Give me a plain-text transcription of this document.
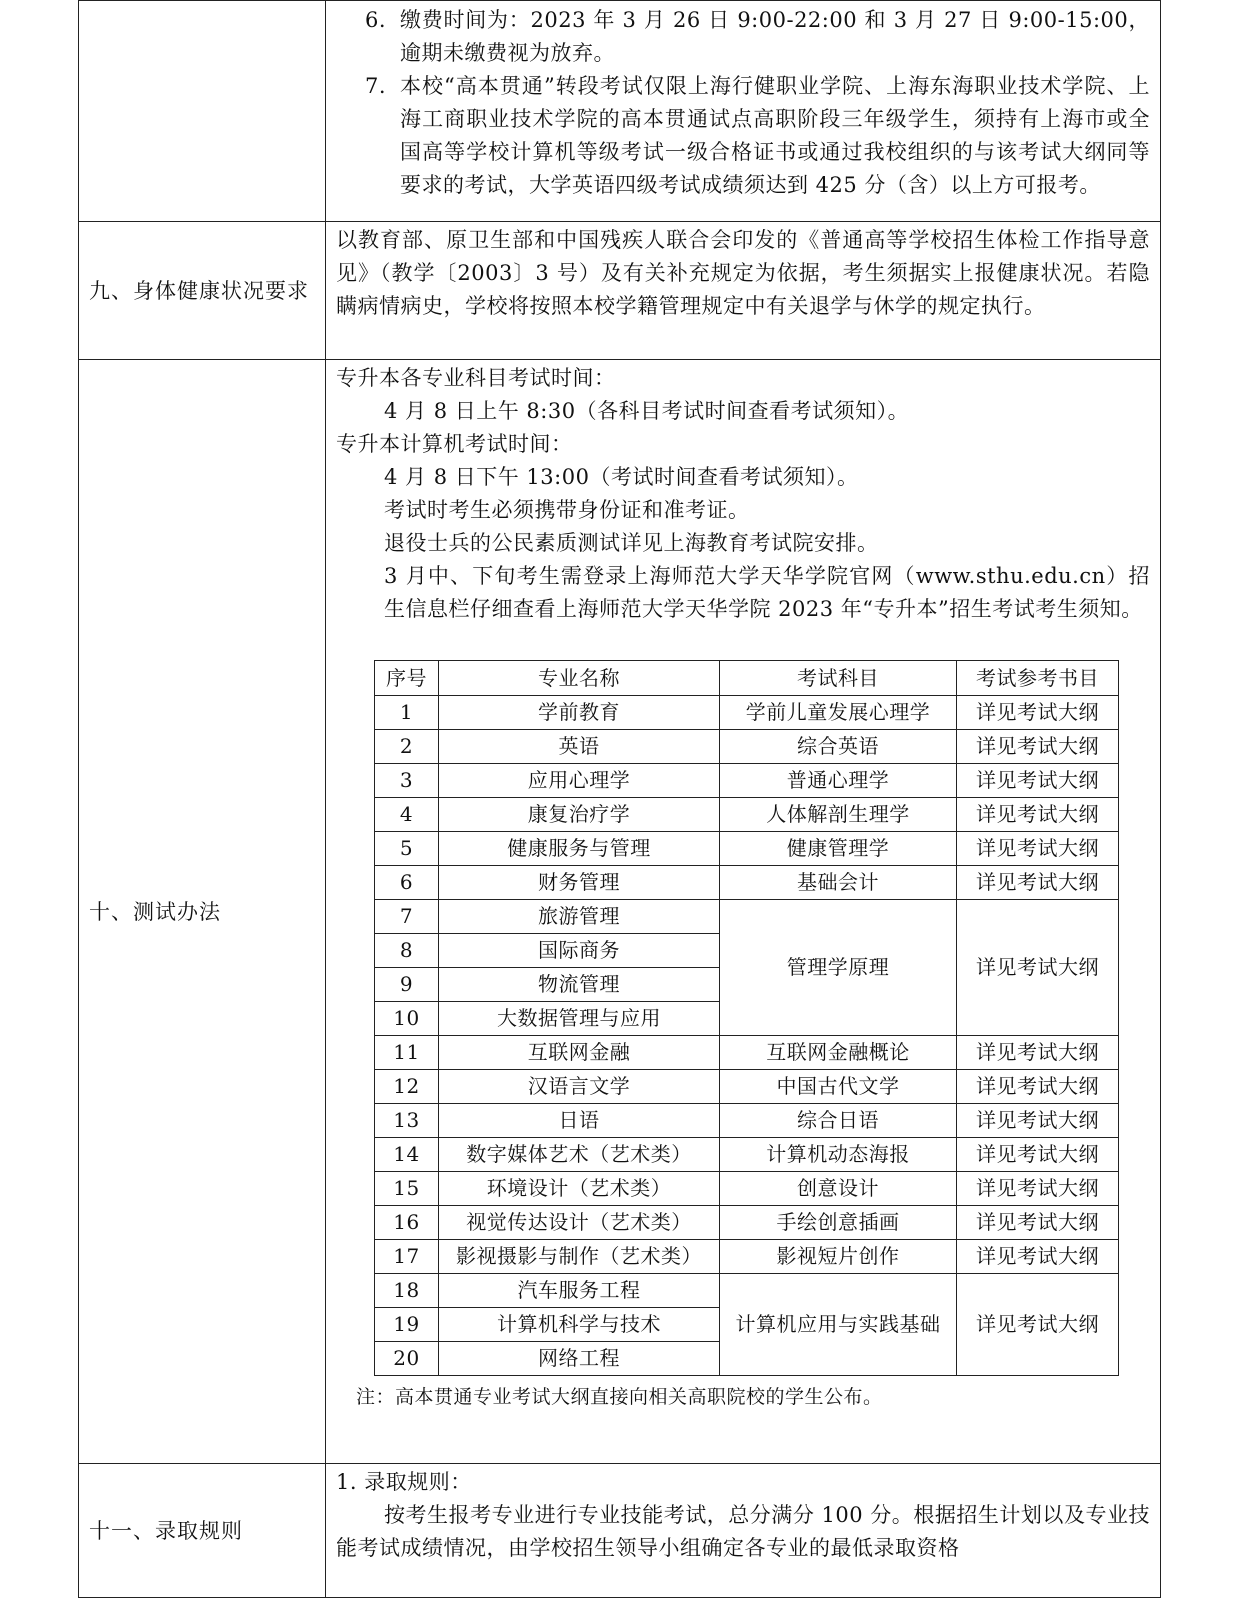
6. 缴费时间为：2023 年 3 月 26 日 9:00-22:00 和 3 月 27 日 9:00-15:00，逾期未缴费视为放弃。
7. 本校“高本贯通”转段考试仅限上海行健职业学院、上海东海职业技术学院、上海工商职业技术学院的高本贯通试点高职阶段三年级学生，须持有上海市或全国高等学校计算机等级考试一级合格证书或通过我校组织的与该考试大纲同等要求的考试，大学英语四级考试成绩须达到 425 分（含）以上方可报考。

九、身体健康状况要求	
以教育部、原卫生部和中国残疾人联合会印发的《普通高等学校招生体检工作指导意见》（教学〔2003〕3 号）及有关补充规定为依据，考生须据实上报健康状况。若隐瞒病情病史，学校将按照本校学籍管理规定中有关退学与休学的规定执行。

十、测试办法	
专升本各专业科目考试时间：
4 月 8 日上午 8:30（各科目考试时间查看考试须知）。
专升本计算机考试时间：
4 月 8 日下午 13:00（考试时间查看考试须知）。
考试时考生必须携带身份证和准考证。
退役士兵的公民素质测试详见上海教育考试院安排。
3 月中、下旬考生需登录上海师范大学天华学院官网（www.sthu.edu.cn）招生信息栏仔细查看上海师范大学天华学院 2023 年“专升本”招生考试考生须知。
序号	专业名称	考试科目	考试参考书目
1	学前教育	学前儿童发展心理学	详见考试大纲
2	英语	综合英语	详见考试大纲
3	应用心理学	普通心理学	详见考试大纲
4	康复治疗学	人体解剖生理学	详见考试大纲
5	健康服务与管理	健康管理学	详见考试大纲
6	财务管理	基础会计	详见考试大纲
7	旅游管理	管理学原理	详见考试大纲
8	国际商务
9	物流管理
10	大数据管理与应用
11	互联网金融	互联网金融概论	详见考试大纲
12	汉语言文学	中国古代文学	详见考试大纲
13	日语	综合日语	详见考试大纲
14	数字媒体艺术（艺术类）	计算机动态海报	详见考试大纲
15	环境设计（艺术类）	创意设计	详见考试大纲
16	视觉传达设计（艺术类）	手绘创意插画	详见考试大纲
17	影视摄影与制作（艺术类）	影视短片创作	详见考试大纲
18	汽车服务工程	计算机应用与实践基础	详见考试大纲
19	计算机科学与技术
20	网络工程
注：高本贯通专业考试大纲直接向相关高职院校的学生公布。

十一、录取规则	
1. 录取规则：
按考生报考专业进行专业技能考试，总分满分 100 分。根据招生计划以及专业技能考试成绩情况，由学校招生领导小组确定各专业的最低录取资格
